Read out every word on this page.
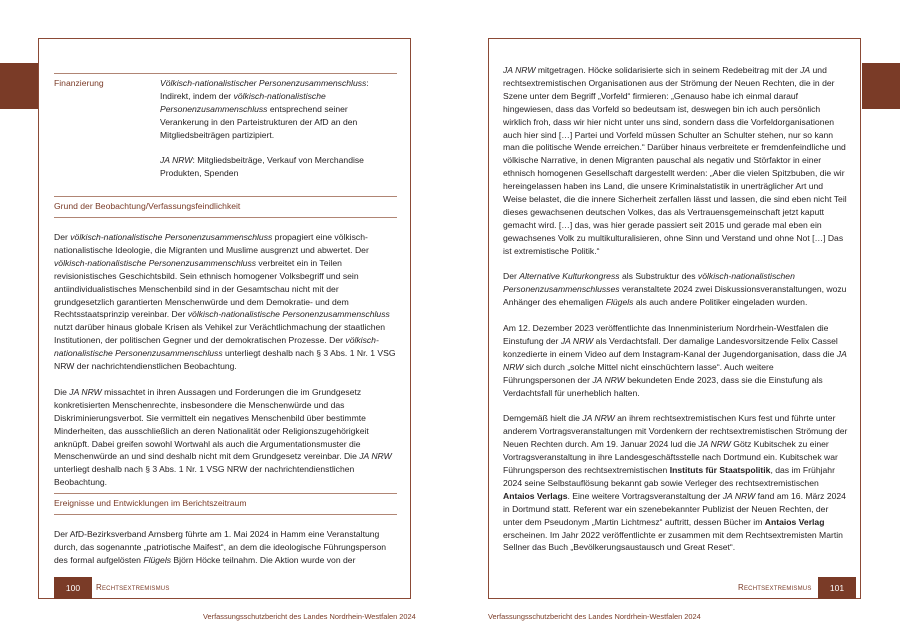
Finanzierung	Völkisch-nationalistischer Personenzusammenschluss: Indirekt, indem der völkisch-nationalistische Personenzusammenschluss entsprechend seiner Verankerung in den Parteistrukturen der AfD an den Mitgliedsbeiträgen partizipiert.

JA NRW: Mitgliedsbeiträge, Verkauf von Merchandise Produkten, Spenden

Grund der Beobachtung/Verfassungsfeindlichkeit

Der völkisch-nationalistische Personenzusammenschluss propagiert eine völkisch-nationalistische Ideologie, die Migranten und Muslime ausgrenzt und abwertet. Der völkisch-nationalistische Personenzusammenschluss verbreitet ein in Teilen revisionistisches Geschichtsbild. Sein ethnisch homogener Volksbegriff und sein antiindividualistisches Menschenbild sind in der Gesamtschau nicht mit der grundgesetzlich garantierten Menschenwürde und dem Demokratie- und dem Rechtsstaatsprinzip vereinbar. Der völkisch-nationalistische Personenzusammenschluss nutzt darüber hinaus globale Krisen als Vehikel zur Verächtlichmachung der staatlichen Institutionen, der politischen Gegner und der demokratischen Prozesse. Der völkisch-nationalistische Personenzusammenschluss unterliegt deshalb nach § 3 Abs. 1 Nr. 1 VSG NRW der nachrichtendienstlichen Beobachtung.

Die JA NRW missachtet in ihren Aussagen und Forderungen die im Grundgesetz konkretisierten Menschenrechte, insbesondere die Menschenwürde und das Diskriminierungsverbot. Sie vermittelt ein negatives Menschenbild über bestimmte Minderheiten, das ausschließlich an deren Nationalität oder Religionszugehörigkeit anknüpft. Dabei greifen sowohl Wortwahl als auch die Argumentationsmuster die Menschenwürde an und sind deshalb nicht mit dem Grundgesetz vereinbar. Die JA NRW unterliegt deshalb nach § 3 Abs. 1 Nr. 1 VSG NRW der nachrichtendienstlichen Beobachtung.

Ereignisse und Entwicklungen im Berichtszeitraum

Der AfD-Bezirksverband Arnsberg führte am 1. Mai 2024 in Hamm eine Veranstaltung durch, das sogenannte „patriotische Maifest“, an dem die ideologische Führungsperson des formal aufgelösten Flügels Björn Höcke teilnahm. Die Aktion wurde von der

JA NRW mitgetragen. Höcke solidarisierte sich in seinem Redebeitrag mit der JA und rechtsextremistischen Organisationen aus der Strömung der Neuen Rechten, die in der Szene unter dem Begriff „Vorfeld“ firmieren: „Genauso habe ich einmal darauf hingewiesen, dass das Vorfeld so bedeutsam ist, deswegen bin ich auch persönlich wirklich froh, dass wir hier nicht unter uns sind, sondern dass die Vorfeldorganisationen auch hier sind […] Partei und Vorfeld müssen Schulter an Schulter stehen, nur so kann man die politische Wende erreichen.“ Darüber hinaus verbreitete er fremdenfeindliche und völkische Narrative, in denen Migranten pauschal als negativ und Störfaktor in einer ethnisch homogenen Gesellschaft dargestellt werden: „Aber die vielen Spitzbuben, die wir hereingelassen haben ins Land, die unsere Kriminalstatistik in unerträglicher Art und Weise belastet, die die innere Sicherheit zerfallen lässt und lassen, die sind eben nicht Teil dieses gewachsenen deutschen Volkes, das als Vertrauensgemeinschaft jetzt kaputt gemacht wird. […] das, was hier gerade passiert seit 2015 und gerade mal eben ein gewachsenes Volk zu multikulturalisieren, ohne Sinn und Verstand und ohne Not […] Das ist extremistische Politik.“

Der Alternative Kulturkongress als Substruktur des völkisch-nationalistischen Personenzusammenschlusses veranstaltete 2024 zwei Diskussionsveranstaltungen, wozu Anhänger des ehemaligen Flügels als auch andere Politiker eingeladen wurden.

Am 12. Dezember 2023 veröffentlichte das Innenministerium Nordrhein-Westfalen die Einstufung der JA NRW als Verdachtsfall. Der damalige Landesvorsitzende Felix Cassel konzedierte in einem Video auf dem Instagram-Kanal der Jugendorganisation, dass die JA NRW sich durch „solche Mittel nicht einschüchtern lasse“. Auch weitere Führungspersonen der JA NRW bekundeten Ende 2023, dass sie die Einstufung als Verdachtsfall für unerheblich halten.

Demgemäß hielt die JA NRW an ihrem rechtsextremistischen Kurs fest und führte unter anderem Vortragsveranstaltungen mit Vordenkern der rechtsextremistischen Strömung der Neuen Rechten durch. Am 19. Januar 2024 lud die JA NRW Götz Kubitschek zu einer Vortragsveranstaltung in ihre Landesgeschäftsstelle nach Dortmund ein. Kubitschek war Führungsperson des rechtsextremistischen Instituts für Staatspolitik, das im Frühjahr 2024 seine Selbstauflösung bekannt gab sowie Verleger des rechtsextremistischen Antaios Verlags. Eine weitere Vortragsveranstaltung der JA NRW fand am 16. März 2024 in Dortmund statt. Referent war ein szenebekannter Publizist der Neuen Rechten, der unter dem Pseudonym „Martin Lichtmesz“ auftritt, dessen Bücher im Antaios Verlag erscheinen. Im Jahr 2022 veröffentlichte er zusammen mit dem Rechtsextremisten Martin Sellner das Buch „Bevölkerungsaustausch und Great Reset“.

100	Rechtsextremismus	101
Rechtsextremismus
Verfassungsschutzbericht des Landes Nordrhein-Westfalen 2024	Verfassungsschutzbericht des Landes Nordrhein-Westfalen 2024
